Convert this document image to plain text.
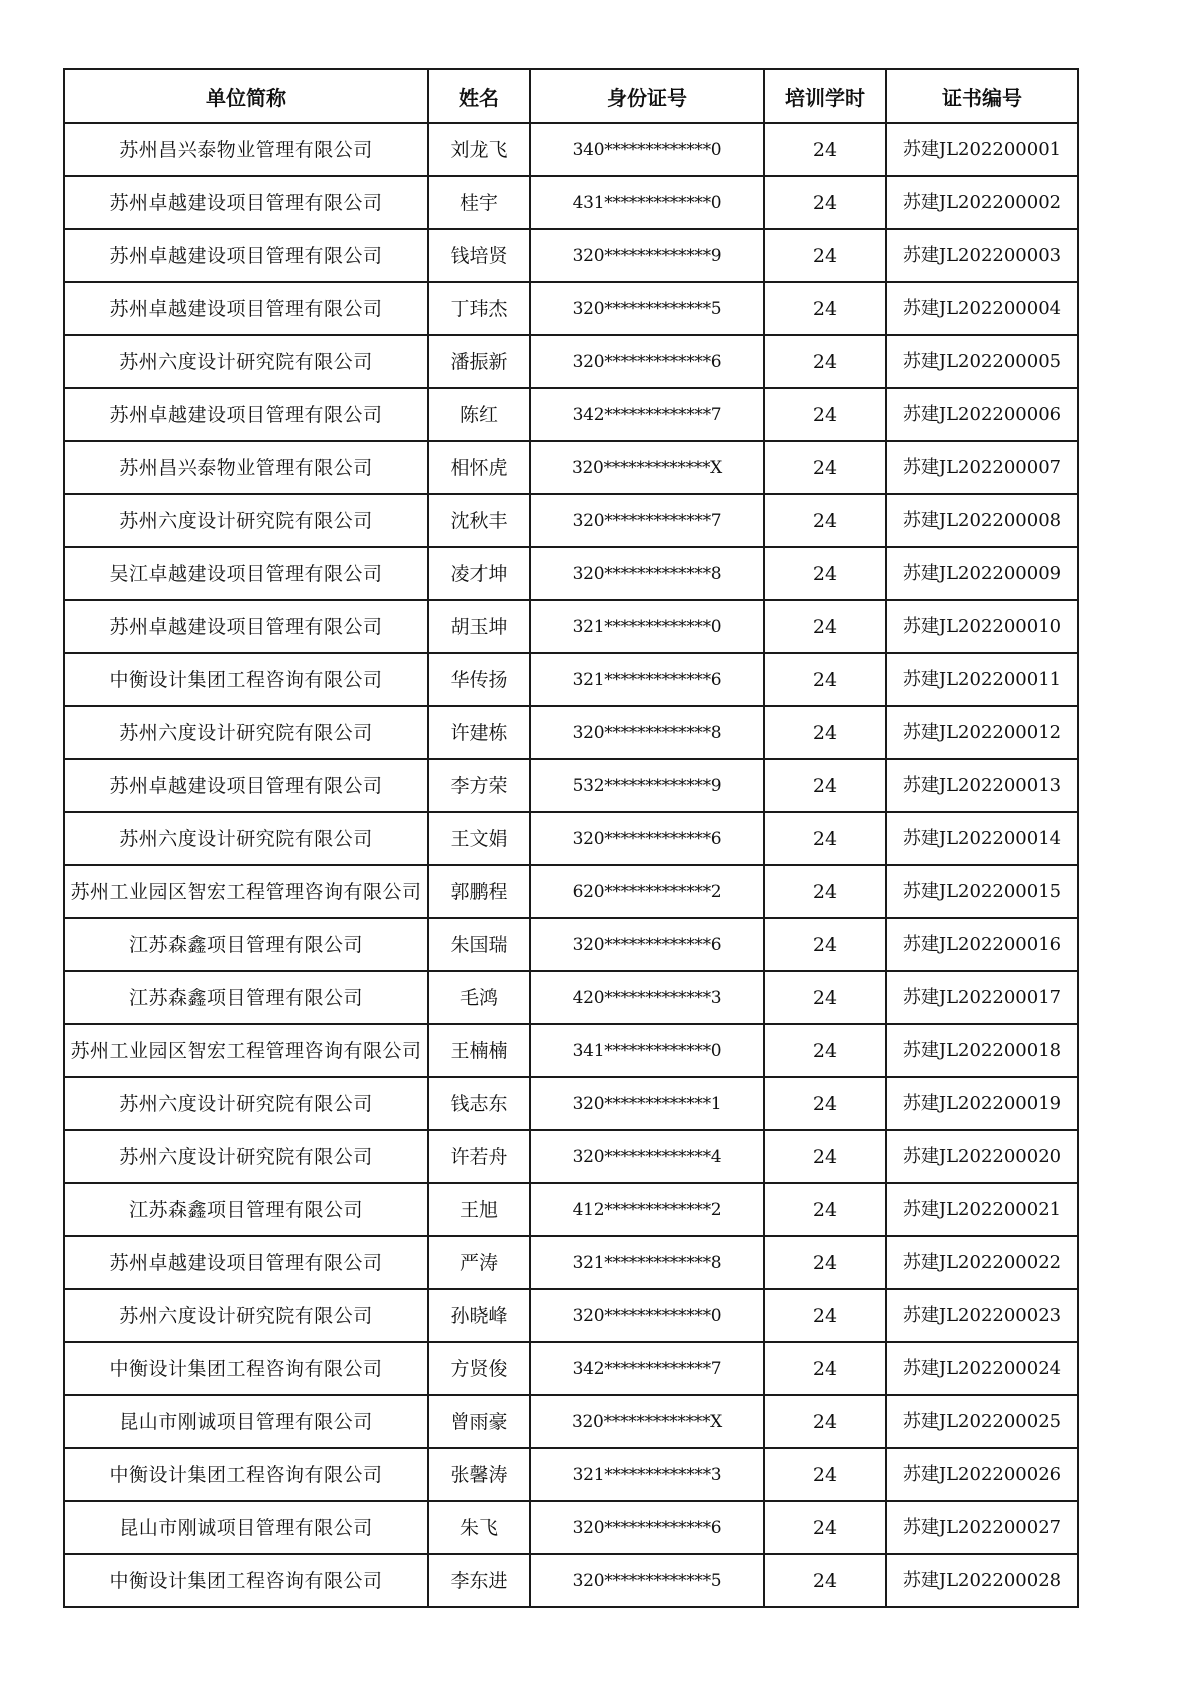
单位简称	姓名	身份证号	培训学时	证书编号
苏州昌兴泰物业管理有限公司	刘龙飞	340*************0	24	苏建JL202200001
苏州卓越建设项目管理有限公司	桂宇	431*************0	24	苏建JL202200002
苏州卓越建设项目管理有限公司	钱培贤	320*************9	24	苏建JL202200003
苏州卓越建设项目管理有限公司	丁玮杰	320*************5	24	苏建JL202200004
苏州六度设计研究院有限公司	潘振新	320*************6	24	苏建JL202200005
苏州卓越建设项目管理有限公司	陈红	342*************7	24	苏建JL202200006
苏州昌兴泰物业管理有限公司	相怀虎	320*************X	24	苏建JL202200007
苏州六度设计研究院有限公司	沈秋丰	320*************7	24	苏建JL202200008
吴江卓越建设项目管理有限公司	凌才坤	320*************8	24	苏建JL202200009
苏州卓越建设项目管理有限公司	胡玉坤	321*************0	24	苏建JL202200010
中衡设计集团工程咨询有限公司	华传扬	321*************6	24	苏建JL202200011
苏州六度设计研究院有限公司	许建栋	320*************8	24	苏建JL202200012
苏州卓越建设项目管理有限公司	李方荣	532*************9	24	苏建JL202200013
苏州六度设计研究院有限公司	王文娟	320*************6	24	苏建JL202200014
苏州工业园区智宏工程管理咨询有限公司	郭鹏程	620*************2	24	苏建JL202200015
江苏森鑫项目管理有限公司	朱国瑞	320*************6	24	苏建JL202200016
江苏森鑫项目管理有限公司	毛鸿	420*************3	24	苏建JL202200017
苏州工业园区智宏工程管理咨询有限公司	王楠楠	341*************0	24	苏建JL202200018
苏州六度设计研究院有限公司	钱志东	320*************1	24	苏建JL202200019
苏州六度设计研究院有限公司	许若舟	320*************4	24	苏建JL202200020
江苏森鑫项目管理有限公司	王旭	412*************2	24	苏建JL202200021
苏州卓越建设项目管理有限公司	严涛	321*************8	24	苏建JL202200022
苏州六度设计研究院有限公司	孙晓峰	320*************0	24	苏建JL202200023
中衡设计集团工程咨询有限公司	方贤俊	342*************7	24	苏建JL202200024
昆山市刚诚项目管理有限公司	曾雨豪	320*************X	24	苏建JL202200025
中衡设计集团工程咨询有限公司	张馨涛	321*************3	24	苏建JL202200026
昆山市刚诚项目管理有限公司	朱飞	320*************6	24	苏建JL202200027
中衡设计集团工程咨询有限公司	李东进	320*************5	24	苏建JL202200028
